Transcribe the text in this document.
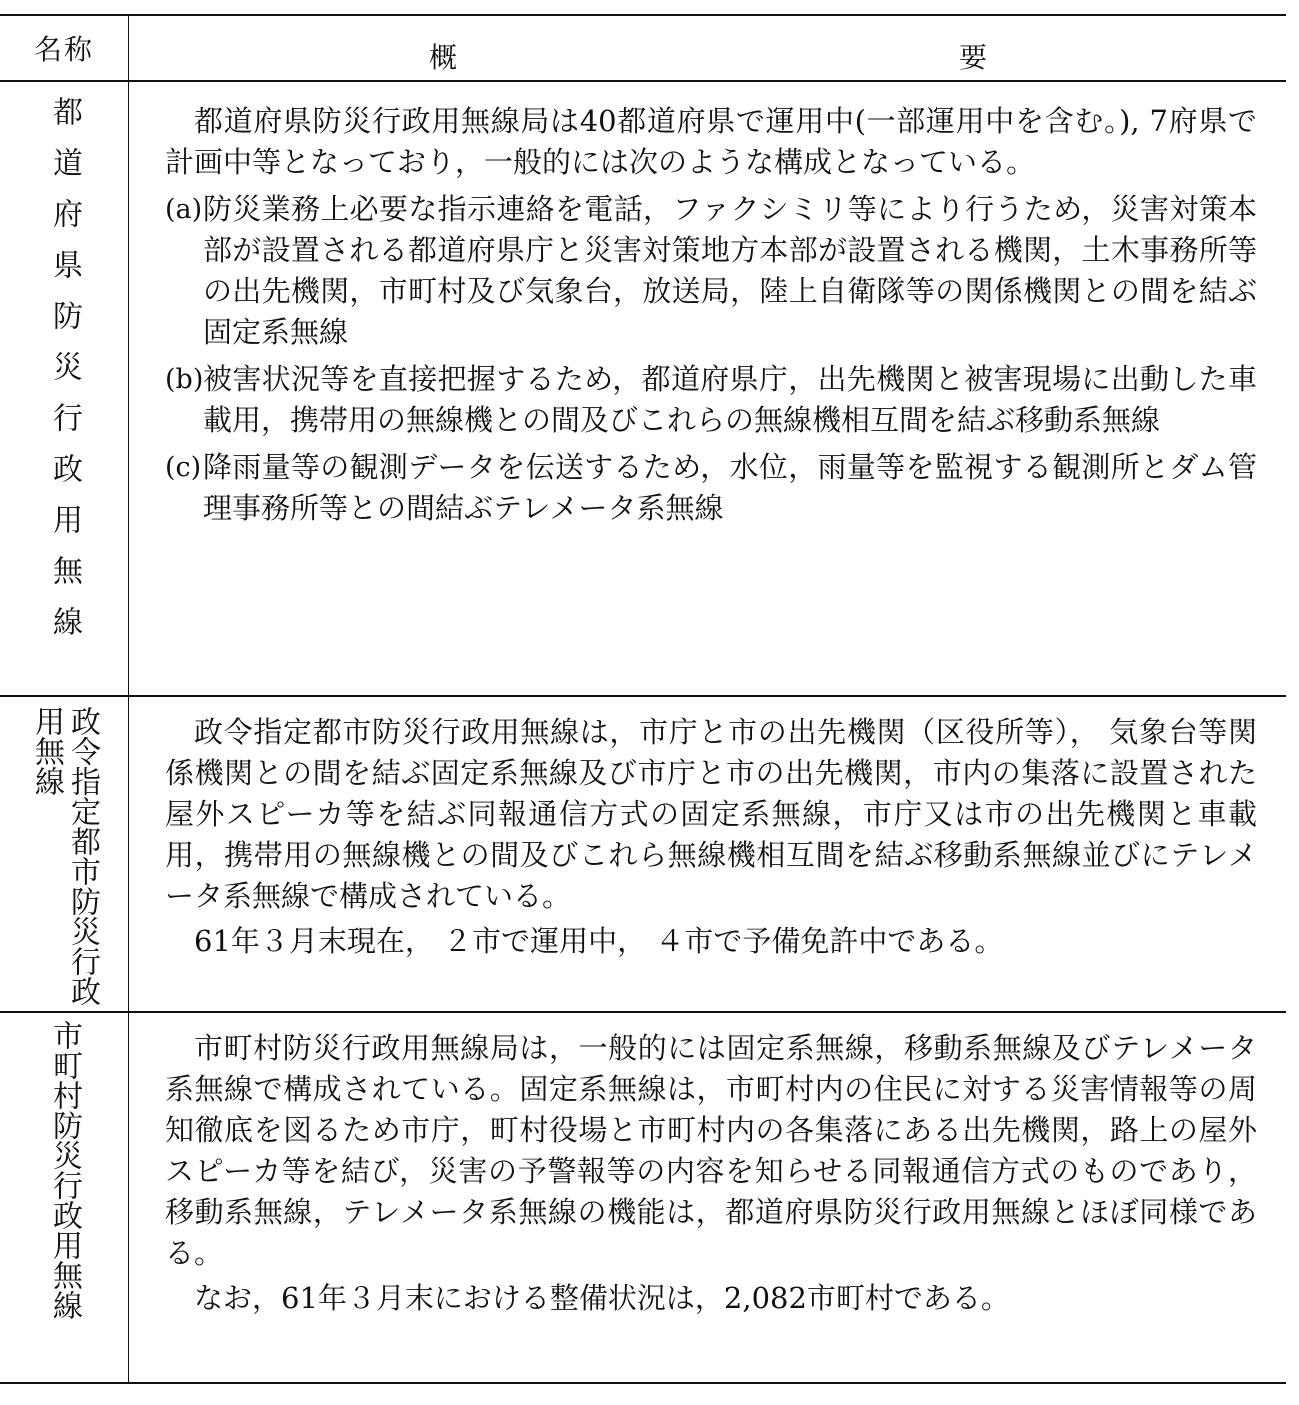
名称	概	要
都道府県防災行政用無線	都道府県防災行政用無線局は40都道府県で運用中(一部運用中を含む。), 7府県で計画中等となっており，一般的には次のような構成となっている。

(a) 防災業務上必要な指示連絡を電話，ファクシミリ等により行うため，災害対策本部が設置される都道府県庁と災害対策地方本部が設置される機関，土木事務所等の出先機関，市町村及び気象台，放送局，陸上自衛隊等の関係機関との間を結ぶ固定系無線
(b) 被害状況等を直接把握するため，都道府県庁，出先機関と被害現場に出動した車載用，携帯用の無線機との間及びこれらの無線機相互間を結ぶ移動系無線
(c) 降雨量等の観測データを伝送するため，水位，雨量等を監視する観測所とダム管理事務所等との間結ぶテレメータ系無線
政令指定都市防災行政用無線	政令指定都市防災行政用無線は，市庁と市の出先機関（区役所等）， 気象台等関係機関との間を結ぶ固定系無線及び市庁と市の出先機関，市内の集落に設置された屋外スピーカ等を結ぶ同報通信方式の固定系無線，市庁又は市の出先機関と車載用，携帯用の無線機との間及びこれら無線機相互間を結ぶ移動系無線並びにテレメータ系無線で構成されている。

61年３月末現在， ２市で運用中， ４市で予備免許中である。

市町村防災行政用無線	市町村防災行政用無線局は，一般的には固定系無線，移動系無線及びテレメータ系無線で構成されている。固定系無線は，市町村内の住民に対する災害情報等の周知徹底を図るため市庁，町村役場と市町村内の各集落にある出先機関，路上の屋外スピーカ等を結び，災害の予警報等の内容を知らせる同報通信方式のものであり，移動系無線，テレメータ系無線の機能は，都道府県防災行政用無線とほぼ同様である。

なお，61年３月末における整備状況は，2,082市町村である。
